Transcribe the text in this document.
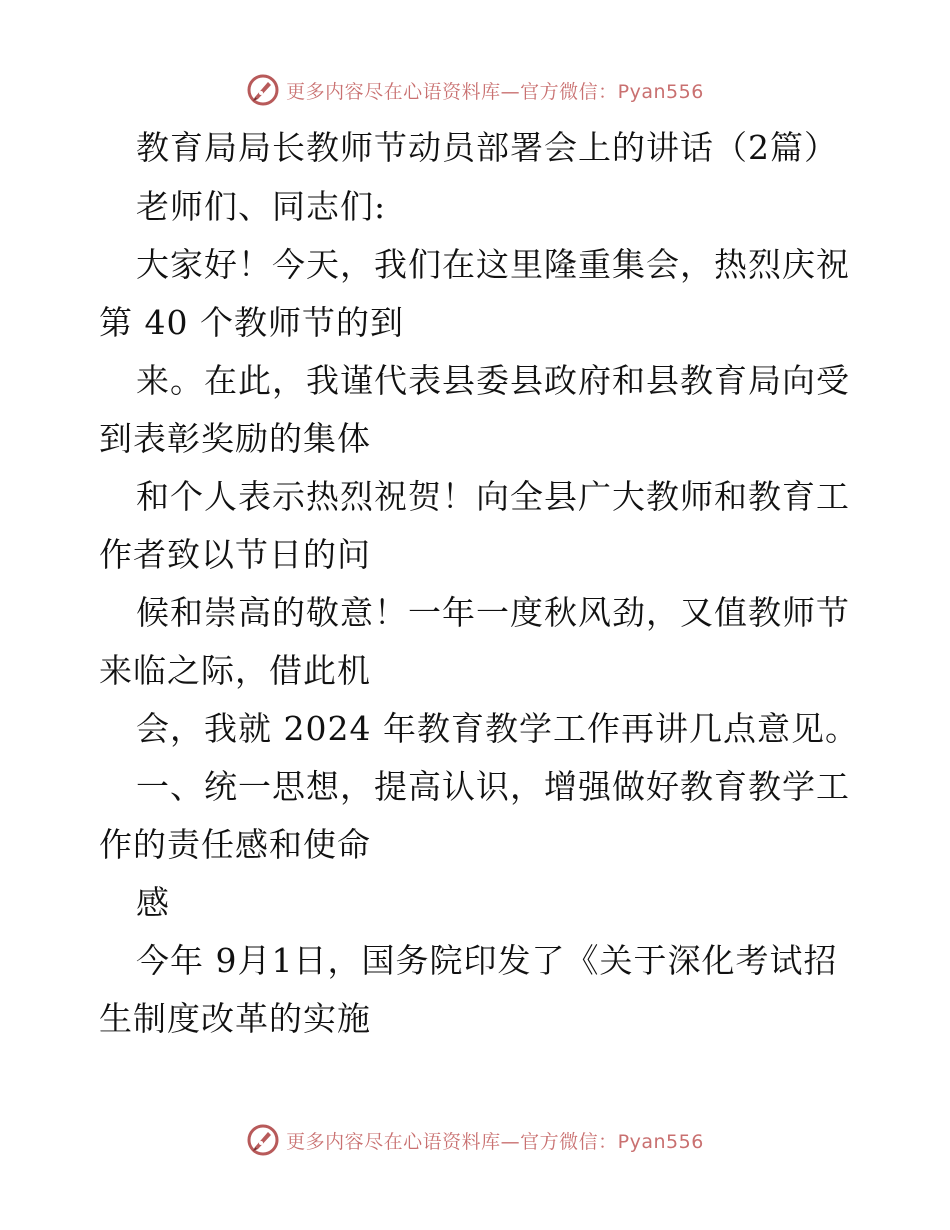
更多内容尽在心语资料库—官方微信：Pyan556
教育局局长教师节动员部署会上的讲话（2篇）
老师们、同志们:
大家好！今天，我们在这里隆重集会，热烈庆祝
第 40 个教师节的到
来。在此，我谨代表县委县政府和县教育局向受
到表彰奖励的集体
和个人表示热烈祝贺！向全县广大教师和教育工
作者致以节日的问
候和崇高的敬意！一年一度秋风劲，又值教师节
来临之际，借此机
会，我就 2024 年教育教学工作再讲几点意见。
一、统一思想，提高认识，增强做好教育教学工
作的责任感和使命
感
今年 9月1日，国务院印发了《关于深化考试招
生制度改革的实施
更多内容尽在心语资料库—官方微信：Pyan556
